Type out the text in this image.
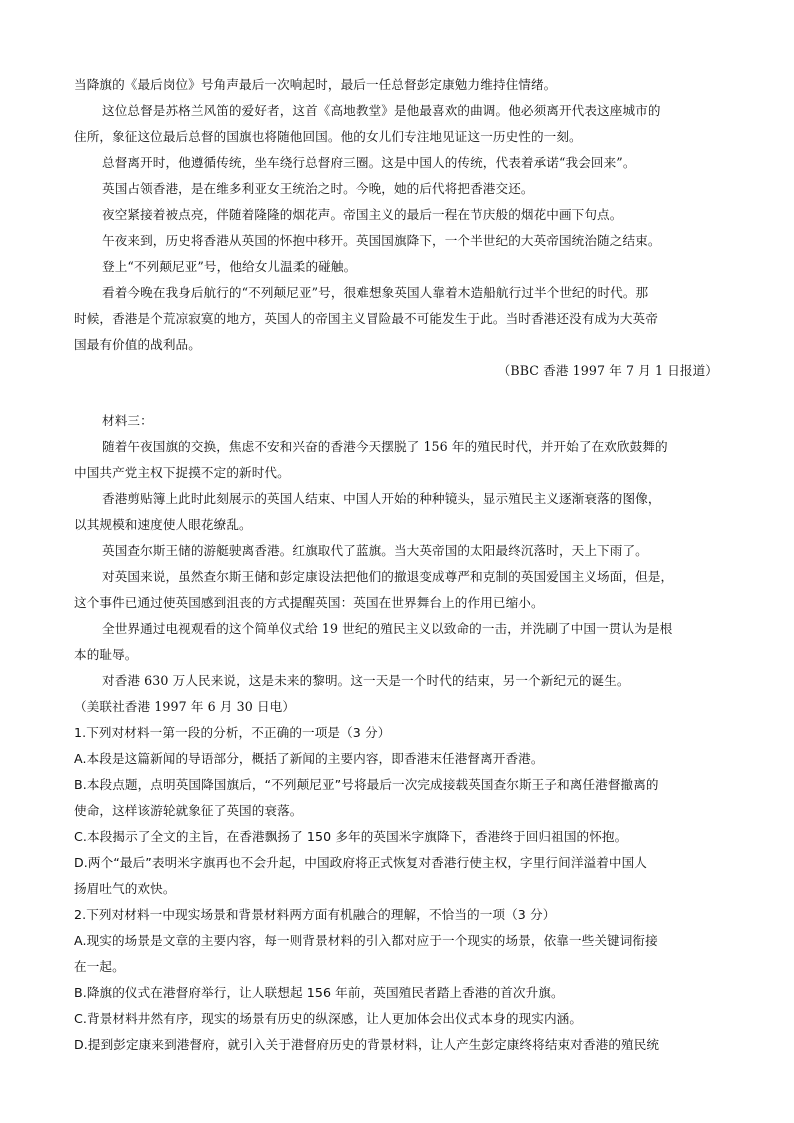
当降旗的《最后岗位》号角声最后一次响起时，最后一任总督彭定康勉力维持住情绪。
这位总督是苏格兰风笛的爱好者，这首《高地教堂》是他最喜欢的曲调。他必须离开代表这座城市的
住所，象征这位最后总督的国旗也将随他回国。他的女儿们专注地见证这一历史性的一刻。
总督离开时，他遵循传统，坐车绕行总督府三圈。这是中国人的传统，代表着承诺“我会回来”。
英国占领香港，是在维多利亚女王统治之时。今晚，她的后代将把香港交还。
夜空紧接着被点亮，伴随着隆隆的烟花声。帝国主义的最后一程在节庆般的烟花中画下句点。
午夜来到，历史将香港从英国的怀抱中移开。英国国旗降下，一个半世纪的大英帝国统治随之结束。
登上“不列颠尼亚”号，他给女儿温柔的碰触。
看着今晚在我身后航行的“不列颠尼亚”号，很难想象英国人靠着木造船航行过半个世纪的时代。那
时候，香港是个荒凉寂寞的地方，英国人的帝国主义冒险最不可能发生于此。当时香港还没有成为大英帝
国最有价值的战利品。
（BBC 香港 1997 年 7 月 1 日报道）
材料三：
随着午夜国旗的交换，焦虑不安和兴奋的香港今天摆脱了 156 年的殖民时代，并开始了在欢欣鼓舞的
中国共产党主权下捉摸不定的新时代。
香港剪贴簿上此时此刻展示的英国人结束、中国人开始的种种镜头，显示殖民主义逐渐衰落的图像，
以其规模和速度使人眼花缭乱。
英国查尔斯王储的游艇驶离香港。红旗取代了蓝旗。当大英帝国的太阳最终沉落时，天上下雨了。
对英国来说，虽然查尔斯王储和彭定康设法把他们的撤退变成尊严和克制的英国爱国主义场面，但是，
这个事件已通过使英国感到沮丧的方式提醒英国：英国在世界舞台上的作用已缩小。
全世界通过电视观看的这个简单仪式给 19 世纪的殖民主义以致命的一击，并洗刷了中国一贯认为是根
本的耻辱。
对香港 630 万人民来说，这是未来的黎明。这一天是一个时代的结束，另一个新纪元的诞生。
（美联社香港 1997 年 6 月 30 日电）
1.下列对材料一第一段的分析，不正确的一项是（3 分）
A.本段是这篇新闻的导语部分，概括了新闻的主要内容，即香港末任港督离开香港。
B.本段点题，点明英国降国旗后，“不列颠尼亚”号将最后一次完成接载英国查尔斯王子和离任港督撤离的
使命，这样该游轮就象征了英国的衰落。
C.本段揭示了全文的主旨，在香港飘扬了 150 多年的英国米字旗降下，香港终于回归祖国的怀抱。
D.两个“最后”表明米字旗再也不会升起，中国政府将正式恢复对香港行使主权，字里行间洋溢着中国人
扬眉吐气的欢快。
2.下列对材料一中现实场景和背景材料两方面有机融合的理解，不恰当的一项（3 分）
A.现实的场景是文章的主要内容，每一则背景材料的引入都对应于一个现实的场景，依靠一些关键词衔接
在一起。
B.降旗的仪式在港督府举行，让人联想起 156 年前，英国殖民者踏上香港的首次升旗。
C.背景材料井然有序，现实的场景有历史的纵深感，让人更加体会出仪式本身的现实内涵。
D.提到彭定康来到港督府，就引入关于港督府历史的背景材料，让人产生彭定康终将结束对香港的殖民统
